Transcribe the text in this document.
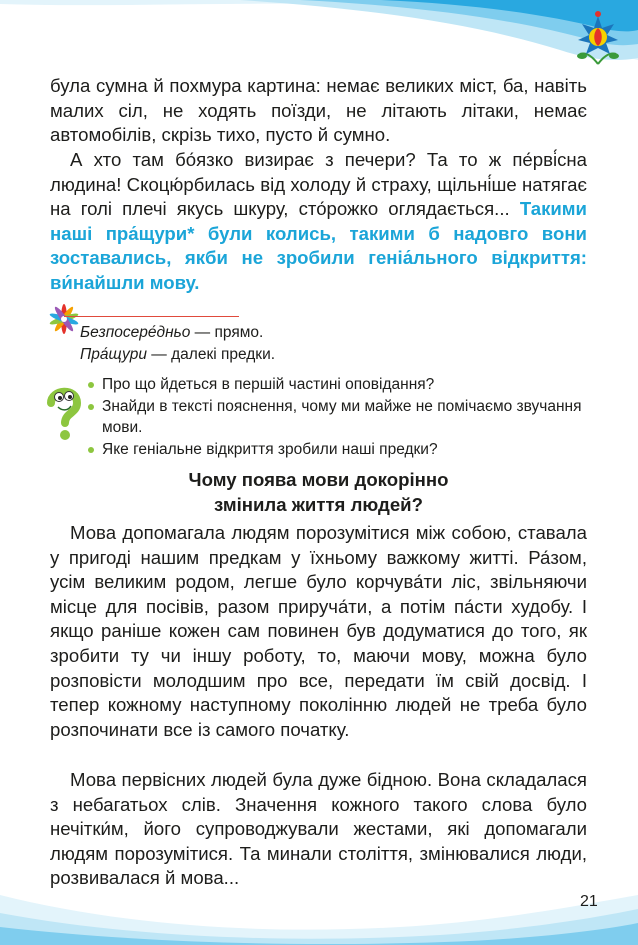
була сумна й похмура картина: немає великих міст, ба, навіть малих сіл, не ходять поїзди, не літають літаки, немає автомобілів, скрізь тихо, пусто й сумно.

А хто там бо́язко визирає з печери? Та то ж пе́рві́сна людина! Скоцю́рбилась від холоду й страху, щільні́ше натягає на голі плечі якусь шкуру, сто́рожко оглядається... Такими наші пра́щури* були колись, такими б надовго вони зоставались, якби не зробили геніа́льного відкриття: ви́найшли мову.

Безпосере́дньо — прямо.
Пра́щури — далекі предки.
Про що йдеться в першій частині оповідання?
Знайди в тексті пояснення, чому ми майже не помічаємо звучання мови.
Яке геніальне відкриття зробили наші предки?
Чому поява мови докорінно
змінила життя людей?

Мова допомагала людям порозумітися між собою, ставала у пригоді нашим предкам у їхньому важкому житті. Ра́зом, усім великим родом, легше було корчува́ти ліс, звільняючи місце для посівів, разом прируча́ти, а потім па́сти худобу. І якщо раніше кожен сам повинен був додуматися до того, як зробити ту чи іншу роботу, то, маючи мову, можна було розповісти молодшим про все, передати їм свій досвід. І тепер кожному наступному поколінню людей не треба було розпочинати все із самого початку.

Мова первісних людей була дуже бідною. Вона складалася з небагатьох слів. Значення кожного такого слова було нечітки́м, його супроводжували жестами, які допомагали людям порозумітися. Та минали століття, змінювалися люди, розвивалася й мова...

21
